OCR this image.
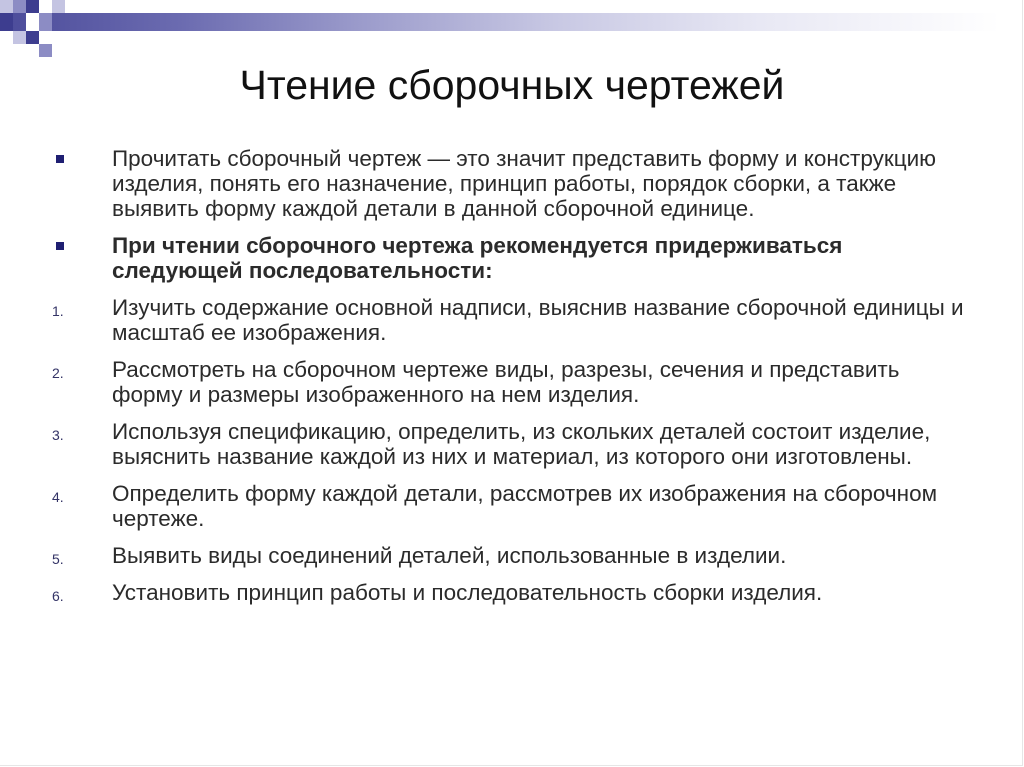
Чтение сборочных чертежей
Прочитать сборочный чертеж — это значит представить форму и конструкцию изделия, понять его назначение, принцип работы, порядок сборки, а также выявить форму каждой детали в данной сборочной единице.
При чтении сборочного чертежа рекомендуется придерживаться следующей последовательности:
1. Изучить содержание основной надписи, выяснив название сборочной единицы и масштаб ее изображения.
2. Рассмотреть на сборочном чертеже виды, разрезы, сечения и представить форму и размеры изображенного на нем изделия.
3. Используя спецификацию, определить, из скольких деталей состоит изделие, выяснить название каждой из них и материал, из которого они изготовлены.
4. Определить форму каждой детали, рассмотрев их изображения на сборочном чертеже.
5. Выявить виды соединений деталей, использованные в изделии.
6. Установить принцип работы и последовательность сборки изделия.
